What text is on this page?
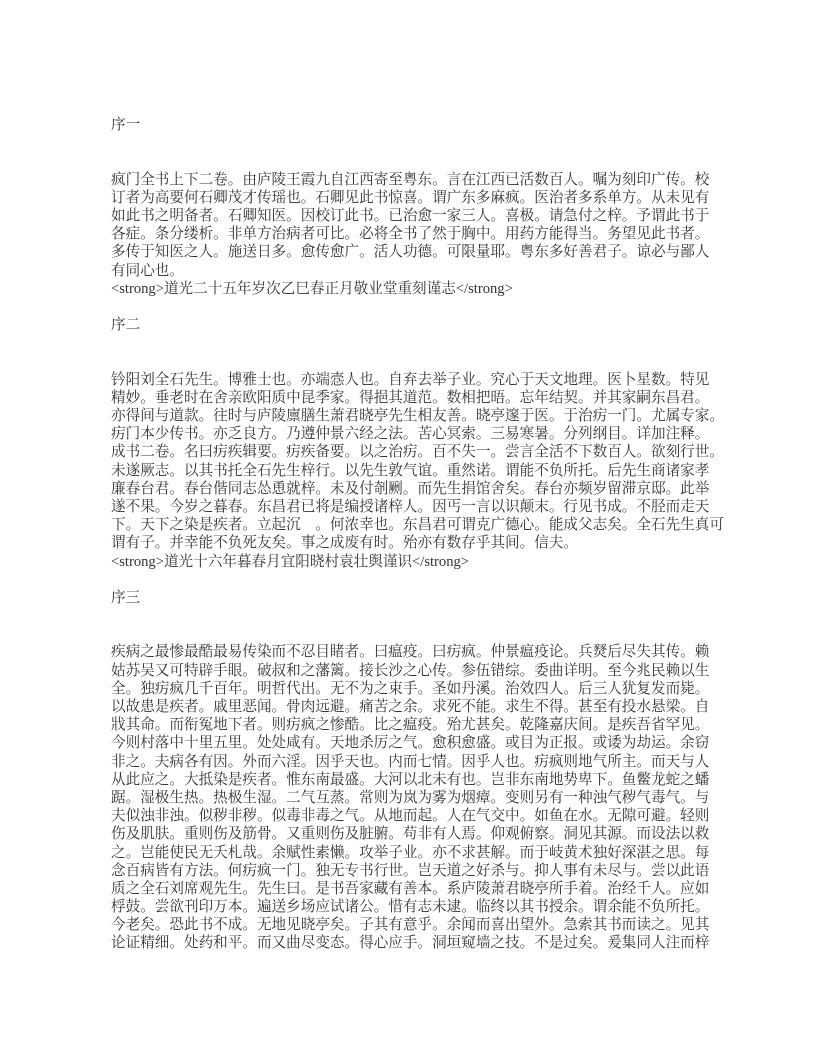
序一
疯门全书上下二卷。由庐陵王霞九自江西寄至粤东。言在江西已活数百人。嘱为刻印广传。校
订者为高要何石卿茂才传瑶也。石卿见此书惊喜。谓广东多麻疯。医治者多系单方。从未见有
如此书之明备者。石卿知医。因校订此书。已治愈一家三人。喜极。请急付之梓。予谓此书于
各症。条分缕析。非单方治病者可比。必将全书了然于胸中。用药方能得当。务望见此书者。
多传于知医之人。施送日多。愈传愈广。活人功德。可限量耶。粤东多好善君子。谅必与鄙人
有同心也。
<strong>道光二十五年岁次乙巳春正月敬业堂重刻谨志</strong>
序二
钤阳刘全石先生。博雅士也。亦端悫人也。自弃去举子业。究心于天文地理。医卜星数。特见
精妙。垂老时在舍亲欧阳质中昆季家。得挹其道范。数相把晤。忘年结契。并其家嗣东昌君。
亦得间与道款。往时与庐陵廪膳生萧君晓亭先生相友善。晓亭邃于医。于治疠一门。尤属专家。
疠门本少传书。亦乏良方。乃遵仲景六经之法。苦心冥索。三易寒暑。分列纲目。详加注释。
成书二卷。名曰疠疾辑要。疠疾备要。以之治疠。百不失一。尝言全活不下数百人。欲刻行世。
未遂厥志。以其书托全石先生梓行。以先生敦气谊。重然诺。谓能不负所托。后先生商诸家孝
廉春台君。春台偕同志怂恿就梓。未及付剞劂。而先生捐馆舍矣。春台亦频岁留滞京邸。此举
遂不果。今岁之暮春。东昌君已将是编授诸梓人。因丐一言以识颠末。行见书成。不胫而走天
下。天下之染是疾者。立起沉　。何浓幸也。东昌君可谓克广德心。能成父志矣。全石先生真可
谓有子。并幸能不负死友矣。事之成废有时。殆亦有数存乎其间。信夫。
<strong>道光十六年暮春月宜阳晓村袁壮舆谨识</strong>
序三
疾病之最惨最酷最易传染而不忍目睹者。曰瘟疫。曰疠疯。仲景瘟疫论。兵燹后尽失其传。赖
姑苏吴又可特辟手眼。破叔和之藩篱。接长沙之心传。参伍错综。委曲详明。至今兆民赖以生
全。独疠疯几千百年。明哲代出。无不为之束手。圣如丹溪。治效四人。后三人犹复发而毙。
以故患是疾者。戚里恶闻。骨肉远避。痛苦之余。求死不能。求生不得。甚至有投水悬梁。自
戕其命。而衔冤地下者。则疠疯之惨酷。比之瘟疫。殆尤甚矣。乾隆嘉庆间。是疾吾省罕见。
今则村落中十里五里。处处咸有。天地杀厉之气。愈积愈盛。或目为正报。或诿为劫运。余窃
非之。夫病各有因。外而六淫。因乎天也。内而七情。因乎人也。疠疯则地气所主。而天与人
从此应之。大抵染是疾者。惟东南最盛。大河以北未有也。岂非东南地势卑下。鱼鳖龙蛇之蟠
踞。湿极生热。热极生湿。二气互蒸。常则为岚为雾为烟瘴。变则另有一种浊气秽气毒气。与
夫似浊非浊。似秽非秽。似毒非毒之气。从地而起。人在气交中。如鱼在水。无隙可避。轻则
伤及肌肤。重则伤及筋骨。又重则伤及脏腑。苟非有人焉。仰观俯察。洞见其源。而设法以救
之。岂能使民无夭札哉。余赋性素懒。攻举子业。亦不求甚解。而于岐黄术独好深湛之思。每
念百病皆有方法。何疠疯一门。独无专书行世。岂天道之好杀与。抑人事有未尽与。尝以此语
质之全石刘席观先生。先生曰。是书吾家藏有善本。系庐陵萧君晓亭所手着。治经千人。应如
桴鼓。尝欲刊印万本。遍送乡场应试诸公。惜有志未逮。临终以其书授余。谓余能不负所托。
今老矣。恐此书不成。无地见晓亭矣。子其有意乎。余闻而喜出望外。急索其书而读之。见其
论证精细。处药和平。而又曲尽变态。得心应手。洞垣窥墙之技。不是过矣。爰集同人注而梓
